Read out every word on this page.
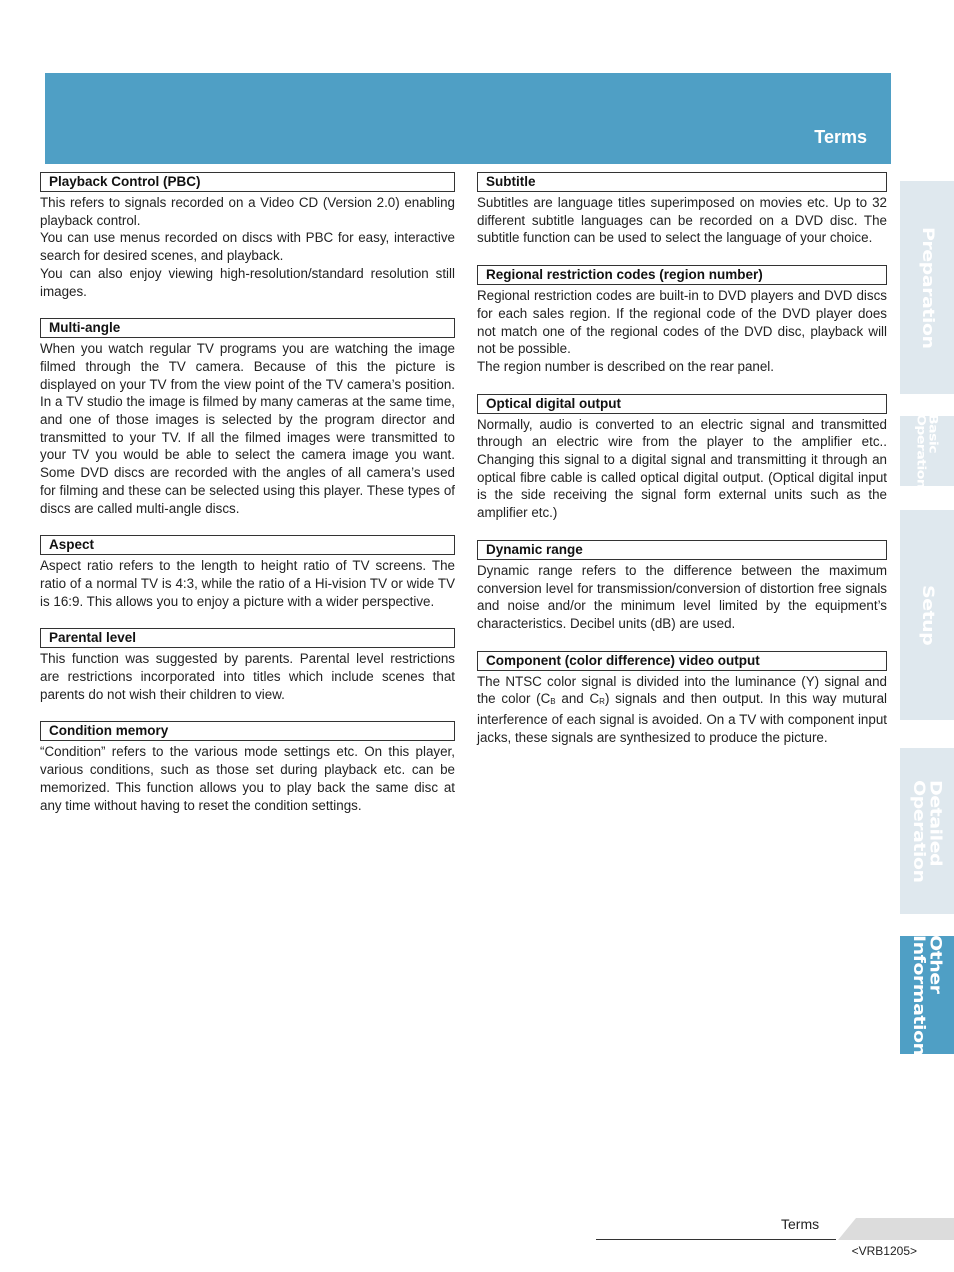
Terms
Playback Control (PBC)

This refers to signals recorded on a Video CD (Version 2.0) enabling playback control.

You can use menus recorded on discs with PBC for easy, interactive search for desired scenes, and playback.

You can also enjoy viewing high-resolution/standard resolution still images.

Multi-angle

When you watch regular TV programs you are watching the image filmed through the TV camera. Because of this the picture is displayed on your TV from the view point of the TV camera’s position. In a TV studio the image is filmed by many cameras at the same time, and one of those images is selected by the program director and transmitted to your TV. If all the filmed images were transmitted to your TV you would be able to select the camera image you want. Some DVD discs are recorded with the angles of all camera’s used for filming and these can be selected using this player. These types of discs are called multi-angle discs.

Aspect

Aspect ratio refers to the length to height ratio of TV screens. The ratio of a normal TV is 4:3, while the ratio of a Hi-vision TV or wide TV is 16:9. This allows you to enjoy a picture with a wider perspective.

Parental level

This function was suggested by parents. Parental level restrictions are restrictions incorporated into titles which include scenes that parents do not wish their children to view.

Condition memory

“Condition” refers to the various mode settings etc. On this player, various conditions, such as those set during playback etc. can be memorized. This function allows you to play back the same disc at any time without having to reset the condition settings.

Subtitle

Subtitles are language titles superimposed on movies etc. Up to 32 different subtitle languages can be recorded on a DVD disc. The subtitle function can be used to select the language of your choice.

Regional restriction codes (region number)

Regional restriction codes are built-in to DVD players and DVD discs for each sales region. If the regional code of the DVD player does not match one of the regional codes of the DVD disc, playback will not be possible.

The region number is described on the rear panel.

Optical digital output

Normally, audio is converted to an electric signal and transmitted through an electric wire from the player to the amplifier etc.. Changing this signal to a digital signal and transmitting it through an optical fibre cable is called optical digital output. (Optical digital input is the side receiving the signal form external units such as the amplifier etc.)

Dynamic range

Dynamic range refers to the difference between the maximum conversion level for transmission/conversion of distortion free signals and noise and/or the minimum level limited by the equipment’s characteristics. Decibel units (dB) are used.

Component (color difference) video output

The NTSC color signal is divided into the luminance (Y) signal and the color (CB and CR) signals and then output. In this way mutural interference of each signal is avoided. On a TV with component input jacks, these signals are synthesized to produce the picture.

Preparation
Basic
Operation
Setup
Detailed
Operation
Other
Information
Terms
<VRB1205>
